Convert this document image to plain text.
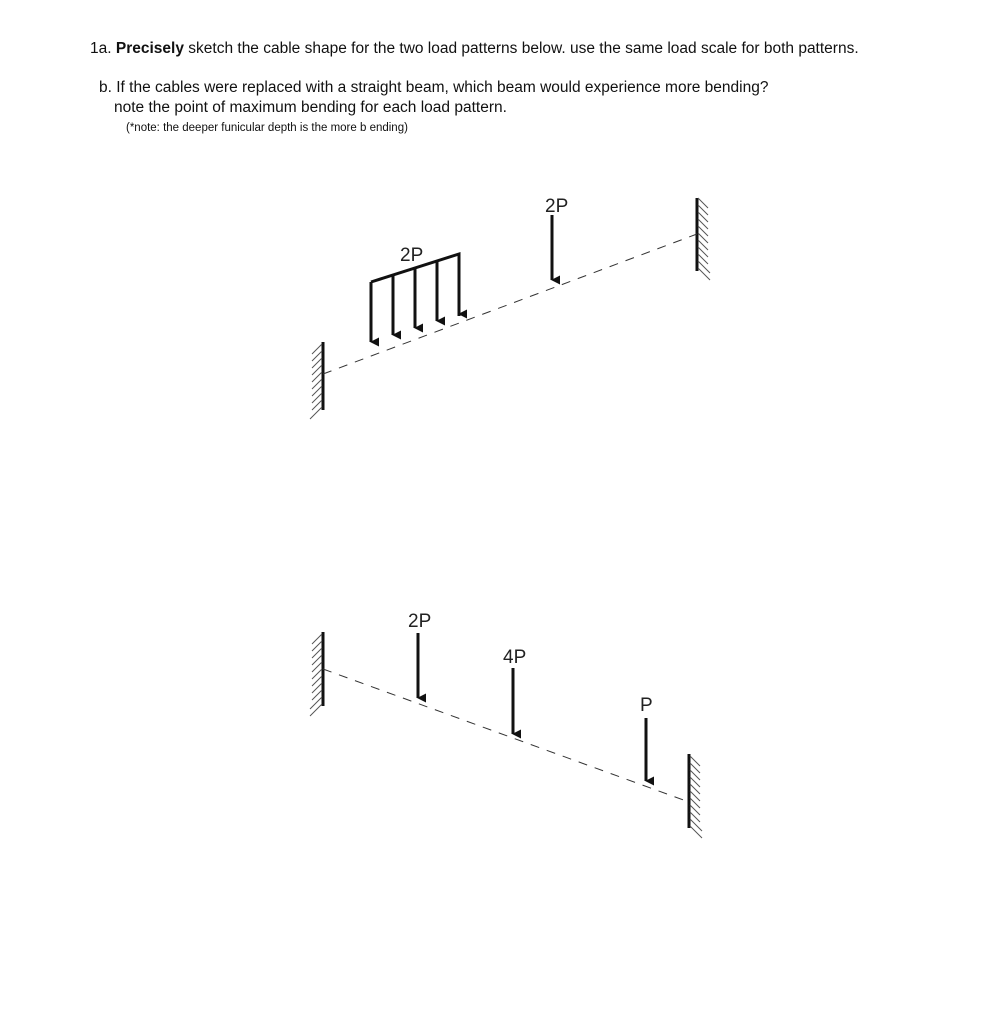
1a. Precisely sketch the cable shape for the two load patterns below. use the same load scale for both patterns.
b. If the cables were replaced with a straight beam, which beam would experience more bending?
note the point of maximum bending for each load pattern.
(*note: the deeper funicular depth is the more b ending)
2P
2P
2P
4P
P
